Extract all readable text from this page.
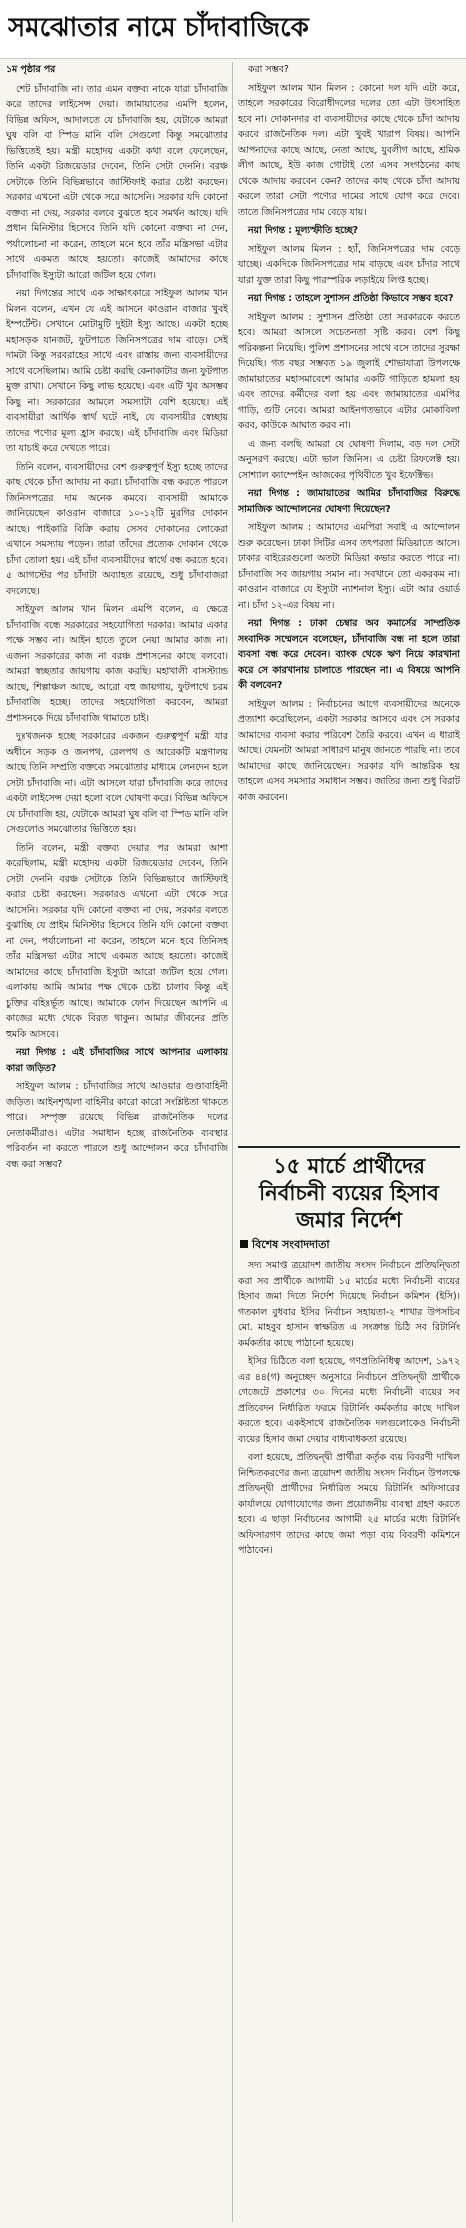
সমঝোতার নামে চাঁদাবাজিকে
১ম পৃষ্ঠার পর

শেট চাঁদাবাজি না। তার এমন বক্তব্য নাকে যারা চাঁদাবাজি করে তাদের লাইসেন্স দেয়া। জামায়াতের এমপি হলেন, বিভিন্ন অফিস, আদালতে যে চাঁদাবাজি হয়, যেটাকে আমরা ঘুষ বলি বা স্পিড মানি বলি সেগুলো কিন্তু সমঝোতার ভিত্তিতেই হয়। মন্ত্রী মহোদয় একটা কথা বলে ফেলেছেন, তিনি একটা রিজয়েডার দেবেন, তিনি সেটা দেননি। বরঞ্চ সেটাকে তিনি বিভিন্নভাবে জাস্টিফাই করার চেষ্টা করছেন। সরকার এখনো এটা থেকে সরে আসেনি। সরকার যদি কোনো বক্তব্য না দেয়, সরকার বলবে বুঝতে হবে সমর্থন আছে। যদি প্রধান মিনিস্টার হিসেবে তিনি যদি কোনো বক্তব্য না দেন, পর্যালোচনা না করেন, তাহলে মনে হবে তাঁর মন্ত্রিসভা এটার সাথে একমত আছে হয়তো। কাজেই আমাদের কাছে চাঁদাবাজি ইস্যুটা আরো জটিল হয়ে গেল।

নয়া দিগন্তের সাথে এক সাক্ষাৎকারে সাইফুল আলম খান মিলন বলেন, এখন যে এই আসনে কাওরান বাজার খুবই ইম্পর্টেন্ট। সেখানে মোটামুটি দুইটা ইস্যু আছে। একটা হচ্ছে মহাসড়ক যানজট, ফুটপাতে জিনিসপত্রের দাম বাড়ে। সেই দামটা কিন্তু সরবরাহের সাথে এবং রাস্তায় জন্য ব্যবসায়ীদের সাথে বসেছিলাম। আমি চেষ্টা করছি কেনাকাটার জন্য ফুটপাত মুক্ত রাখা। সেখানে কিছু লাভ হয়েছে। এবং এটি খুব অসম্ভব কিছু না। সরকারের আমলে সমস্যাটা বেশি হয়েছে। এই ব্যবসায়ীরা আর্থিক স্বার্থ ঘটে নাই, যে ব্যবসায়ীর স্বেচ্ছায় তাদের পণ্যের মূল্য হ্রাস করছে। এই চাঁদাবাজি এবং মিডিয়া তা যাচাই করে দেখতে পারে।

তিনি বলেন, ব্যবসায়ীদের বেশ গুরুত্বপূর্ণ ইস্যু হচ্ছে তাদের কাছ থেকে চাঁদা আদায় না করা। চাঁদাবাজি বন্ধ করতে পারলে জিনিসপত্রের দাম অনেক কমবে। ব্যবসায়ী আমাকে জানিয়েছেন কাওরান বাজারে ১০-১২টি মুরগির দোকান আছে। পাইকারি বিক্রি করায় সেসব দোকানের লোকেরা এখানে সমস্যায় পড়েন। তারা তাঁদের প্রত্যেক দোকান থেকে চাঁদা তোলা হয়। এই চাঁদা ব্যবসায়ীদের স্বার্থে বন্ধ করতে হবে। ৫ আগস্টের পর চাঁদাটা অব্যাহত রয়েছে, শুধু চাঁদাবাজরা বদলেছে।

সাইফুল আলম খান মিলন এমপি বলেন, এ ক্ষেত্রে চাঁদাবাজি বন্ধে সরকারের সহযোগিতা দরকার। আমার একার পক্ষে সম্ভব না। আইন হাতে তুলে নেয়া আমার কাজ না। এজন্য সরকারের কাজ না বরঞ্চ প্রশাসনের কাছে বলবো। আমরা স্বচ্ছতার জায়গায় কাজ করছি। মহাখালী বাসস্ট্যান্ড আছে, শিল্পাঞ্চল আছে, আরো বহু জায়গায়, ফুটপাথে চরম চাঁদাবাজি হচ্ছে। তাদের সহযোগিতা করবেন, আমরা প্রশাসনকে দিয়ে চাঁদাবাজি থামাতে চাই।

দুঃখজনক হচ্ছে সরকারের একজন গুরুত্বপূর্ণ মন্ত্রী যার অধীনে সড়ক ও জনপথ, রেলপথ ও আরেকটি মন্ত্রণালয় আছে তিনি সম্প্রতি বক্তব্যে সমঝোতার মাধ্যমে লেনদেন হলে সেটা চাঁদাবাজি না। এটা আসলে যারা চাঁদাবাজি করে তাদের একটা লাইসেন্স দেয়া হলো বলে ঘোষণা করে। বিভিন্ন অফিসে যে চাঁদাবাজি হয়, যেটাকে আমরা ঘুষ বলি বা স্পিড মানি বলি সেগুলোও সমঝোতার ভিত্তিতে হয়।

তিনি বলেন, মন্ত্রী বক্তব্য দেয়ার পর আমরা আশা করেছিলাম, মন্ত্রী মহোদয় একটা রিজয়েডার দেবেন, তিনি সেটা দেননি বরঞ্চ সেটাকে তিনি বিভিন্নভাবে জাস্টিফাই করার চেষ্টা করছেন। সরকারও এখনো এটা থেকে সরে আসেনি। সরকার যদি কোনো বক্তব্য না দেয়, সরকার বলতে বুঝাচ্ছি যে প্রাইম মিনিস্টার হিসেবে তিনি যদি কোনো বক্তব্য না দেন, পর্যালোচনা না করেন, তাহলে মনে হবে তিনিসহ তাঁর মন্ত্রিসভা এটার সাথে একমত আছে হয়তো। কাজেই আমাদের কাছে চাঁদাবাজি ইস্যুটা আরো জটিল হয়ে গেল। এলাকায় আমি আমার পক্ষ থেকে চেষ্টা চালাব কিন্তু এই চুক্তির বহিঃর্ভূত আছে। আমাকে ফোন দিয়েছেন আপনি এ কাজের মধ্যে থেকে বিরত থাকুন। আমার জীবনের প্রতি হুমকি আসবে।

নয়া দিগন্ত : এই চাঁদাবাজির সাথে আপনার এলাকায় কারা জড়িত?

সাইফুল আলম : চাঁদাবাজির সাথে আওয়ার গুণ্ডাবাহিনী জড়িত। আইনশৃঙ্খলা বাহিনীর কারো কারো সংশ্লিষ্টতা থাকতে পারে। সম্পৃক্ত রয়েছে বিভিন্ন রাজনৈতিক দলের নেতাকর্মীরাও। এটার সমাধান হচ্ছে রাজনৈতিক ব্যবস্থার পরিবর্তন না করতে পারলে শুধু আন্দোলন করে চাঁদাবাজি বন্ধ করা সম্ভব?

করা সম্ভব?

সাইফুল আলম খান মিলন : কোনো দল যদি এটা করে, তাহলে সরকারের বিরোধীদলের দলের তো এটা উৎসাহিত হবে না। দোকানদার বা ব্যবসায়ীদের কাছে থেকে চাঁদা আদায় করবে রাজনৈতিক দল। এটা খুবই খারাপ বিষয়। আপনি আপনাদের কাছে আছে, নেতা আছে, যুবলীগ আছে, শ্রমিক লীগ আছে, ইউ কাজ গোটাই তো এসব সংগঠনের কাছ থেকে আদায় করবেন কেন? তাদের কাছ থেকে চাঁদা আদায় করলে তারা সেটা পণ্যের দামের সাথে যোগ করে দেবে। তাতে জিনিসপত্রের দাম বেড়ে যায়।

নয়া দিগন্ত : মূল্যস্ফীতি হচ্ছে?

সাইফুল আলম মিলন : হ্যাঁ, জিনিসপত্রের দাম বেড়ে যাচ্ছে। একদিকে জিনিসপত্রের দাম বাড়ছে এবং চাঁদার সাথে যারা যুক্ত তারা কিছু পারস্পরিক লড়াইয়ে লিপ্ত হচ্ছে।

নয়া দিগন্ত : তাহলে সুশাসন প্রতিষ্ঠা কিভাবে সম্ভব হবে?

সাইফুল আলম : সুশাসন প্রতিষ্ঠা তো সরকারকে করতে হবে। আমরা আসলে সচেতনতা সৃষ্টি করব। বেশ কিছু পরিকল্পনা নিয়েছি। পুলিশ প্রশাসনের সাথে বসে তাদের সুরক্ষা দিয়েছি। গত বছর সম্ভবত ১৯ জুলাই শোভাযাত্রা উপলক্ষে জামায়াতের মহাসমাবেশে আমার একটি গাড়িতে হামলা হয় এবং তাদের কর্মীদের বলা হয় এবং জামায়াতের এমপির গাড়ি, গুটি নেবে। আমরা আইনগতভাবে এটার মোকাবিলা করব, কাউকে আঘাত করব না।

এ জন্য বলছি আমরা যে ঘোষণা দিলাম, বড় দল সেটা অনুসরণ করছে। এটা ভাল জিনিস। এ চেষ্টা রিফলেক্ট হয়। সোশ্যাল ক্যাম্পেইন আজকের পৃথিবীতে খুব ইফেক্টিভ।

নয়া দিগন্ত : জামায়াতের আমির চাঁদাবাজির বিরুদ্ধে সামাজিক আন্দোলনের ঘোষণা দিয়েছেন?

সাইফুল আলম : আমাদের এমপিরা সবাই এ আন্দোলন শুরু করেছেন। ঢাকা সিটির এসব তৎপরতা মিডিয়াতে আসে। ঢাকার বাইরেরগুলো অতটা মিডিয়া কভার করতে পারে না। চাঁদাবাজি সব জায়গায় সমান না। সবখানে তো একরকম না। কাওরান বাজারে যে ইস্যুটা ন্যাশনাল ইস্যু। এটা আর ওয়ার্ড না। চাঁদা ১২-এর বিষয় না।

নয়া দিগন্ত : ঢাকা চেম্বার অব কমার্সের সাম্প্রতিক সংবাদিক সম্মেলনে বলেছেন, চাঁদাবাজি বন্ধ না হলে তারা ব্যবসা বন্ধ করে দেবেন। ব্যাংক থেকে ঋণ নিয়ে কারখানা করে সে কারখানায় চালাতে পারছেন না। এ বিষয়ে আপনি কী বলবেন?

সাইফুল আলম : নির্বাচনের আগে ব্যবসায়ীদের অনেকে প্রত্যাশা করেছিলেন, একটা সরকার আসবে এবং সে সরকার আমাদের ব্যবসা করার পরিবেশ তৈরি করবে। এখন এ ধারাই আছে। যেমনটা আমরা সাধারণ মানুষ জানতে পারছি না। তবে আমাদের কাছে জানিয়েছেন। সরকার যদি আন্তরিক হয় তাহলে এসব সমস্যার সমাধান সম্ভব। জাতির জন্য শুধু বিরাট কাজ করবেন।

১৫ মার্চে প্রার্থীদের নির্বাচনী ব্যয়ের হিসাব জমার নির্দেশ
বিশেষ সংবাদদাতা

সদ্য সমাপ্ত ত্রয়োদশ জাতীয় সংসদ নির্বাচনে প্রতিদ্বন্দ্বিতা করা সব প্রার্থীকে আগামী ১৫ মার্চের মধ্যে নির্বাচনী ব্যয়ের হিসাব জমা দিতে নির্দেশ দিয়েছে নির্বাচন কমিশন (ইসি)। গতকাল বুধবার ইসির নির্বাচন সহায়তা-২ শাখার উপসচিব মো. মাহবুব হাসান স্বাক্ষরিত এ সংক্রান্ত চিঠি সব রিটার্নিং কর্মকর্তার কাছে পাঠানো হয়েছে।

ইসির চিঠিতে বলা হয়েছে, গণপ্রতিনিধিত্ব আদেশ, ১৯৭২ এর ৪৪(গ) অনুচ্ছেদ অনুসারে নির্বাচনে প্রতিদ্বন্দ্বী প্রার্থীকে গেজেটে প্রকাশের ৩০ দিনের মধ্যে নির্বাচনী ব্যয়ের সব প্রতিবেদন নির্ধারিত ফরমে রিটার্নিং কর্মকর্তার কাছে দাখিল করতে হবে। একইসাথে রাজনৈতিক দলগুলোকেও নির্বাচনী ব্যয়ের হিসাব জমা দেয়ার বাধ্যবাধকতা রয়েছে।

বলা হয়েছে, প্রতিদ্বন্দ্বী প্রার্থীরা কর্তৃক ব্যয় বিবরণী দাখিল নিশ্চিতকরণের জন্য ত্রয়োদশ জাতীয় সংসদ নির্বাচন উপলক্ষে প্রতিদ্বন্দ্বী প্রার্থীদের নির্ধারিত সময়ে রিটার্নিং অফিসারের কার্যালয়ে যোগাযোগের জন্য প্রয়োজনীয় ব্যবস্থা গ্রহণ করতে হবে। এ ছাড়া নির্বাচনের আগামী ২৫ মার্চের মধ্যে রিটার্নিং অফিসারগণ তাদের কাছে জমা পড়া ব্যয় বিবরণী কমিশনে পাঠাবেন।
